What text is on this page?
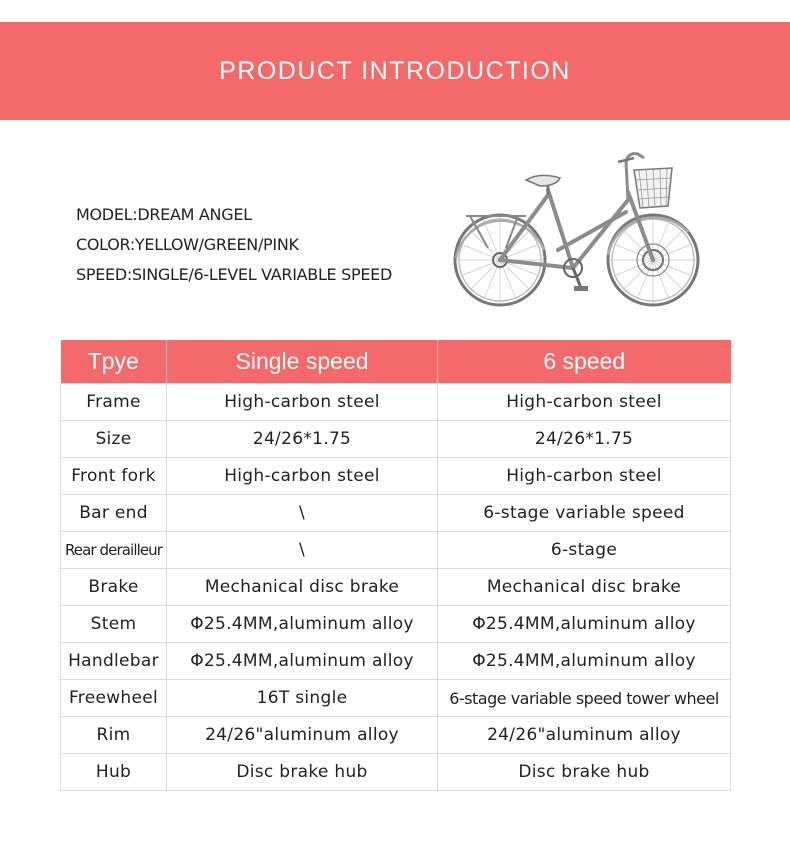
PRODUCT INTRODUCTION
MODEL:DREAM ANGEL
COLOR:YELLOW/GREEN/PINK
SPEED:SINGLE/6-LEVEL VARIABLE SPEED
Tpye	Single speed	6 speed
Frame	High-carbon steel	High-carbon steel
Size	24/26*1.75	24/26*1.75
Front fork	High-carbon steel	High-carbon steel
Bar end	\	6-stage variable speed
Rear derailleur	\	6-stage
Brake	Mechanical disc brake	Mechanical disc brake
Stem	Φ25.4MM,aluminum alloy	Φ25.4MM,aluminum alloy
Handlebar	Φ25.4MM,aluminum alloy	Φ25.4MM,aluminum alloy
Freewheel	16T single	6-stage variable speed tower wheel
Rim	24/26"aluminum alloy	24/26"aluminum alloy
Hub	Disc brake hub	Disc brake hub
